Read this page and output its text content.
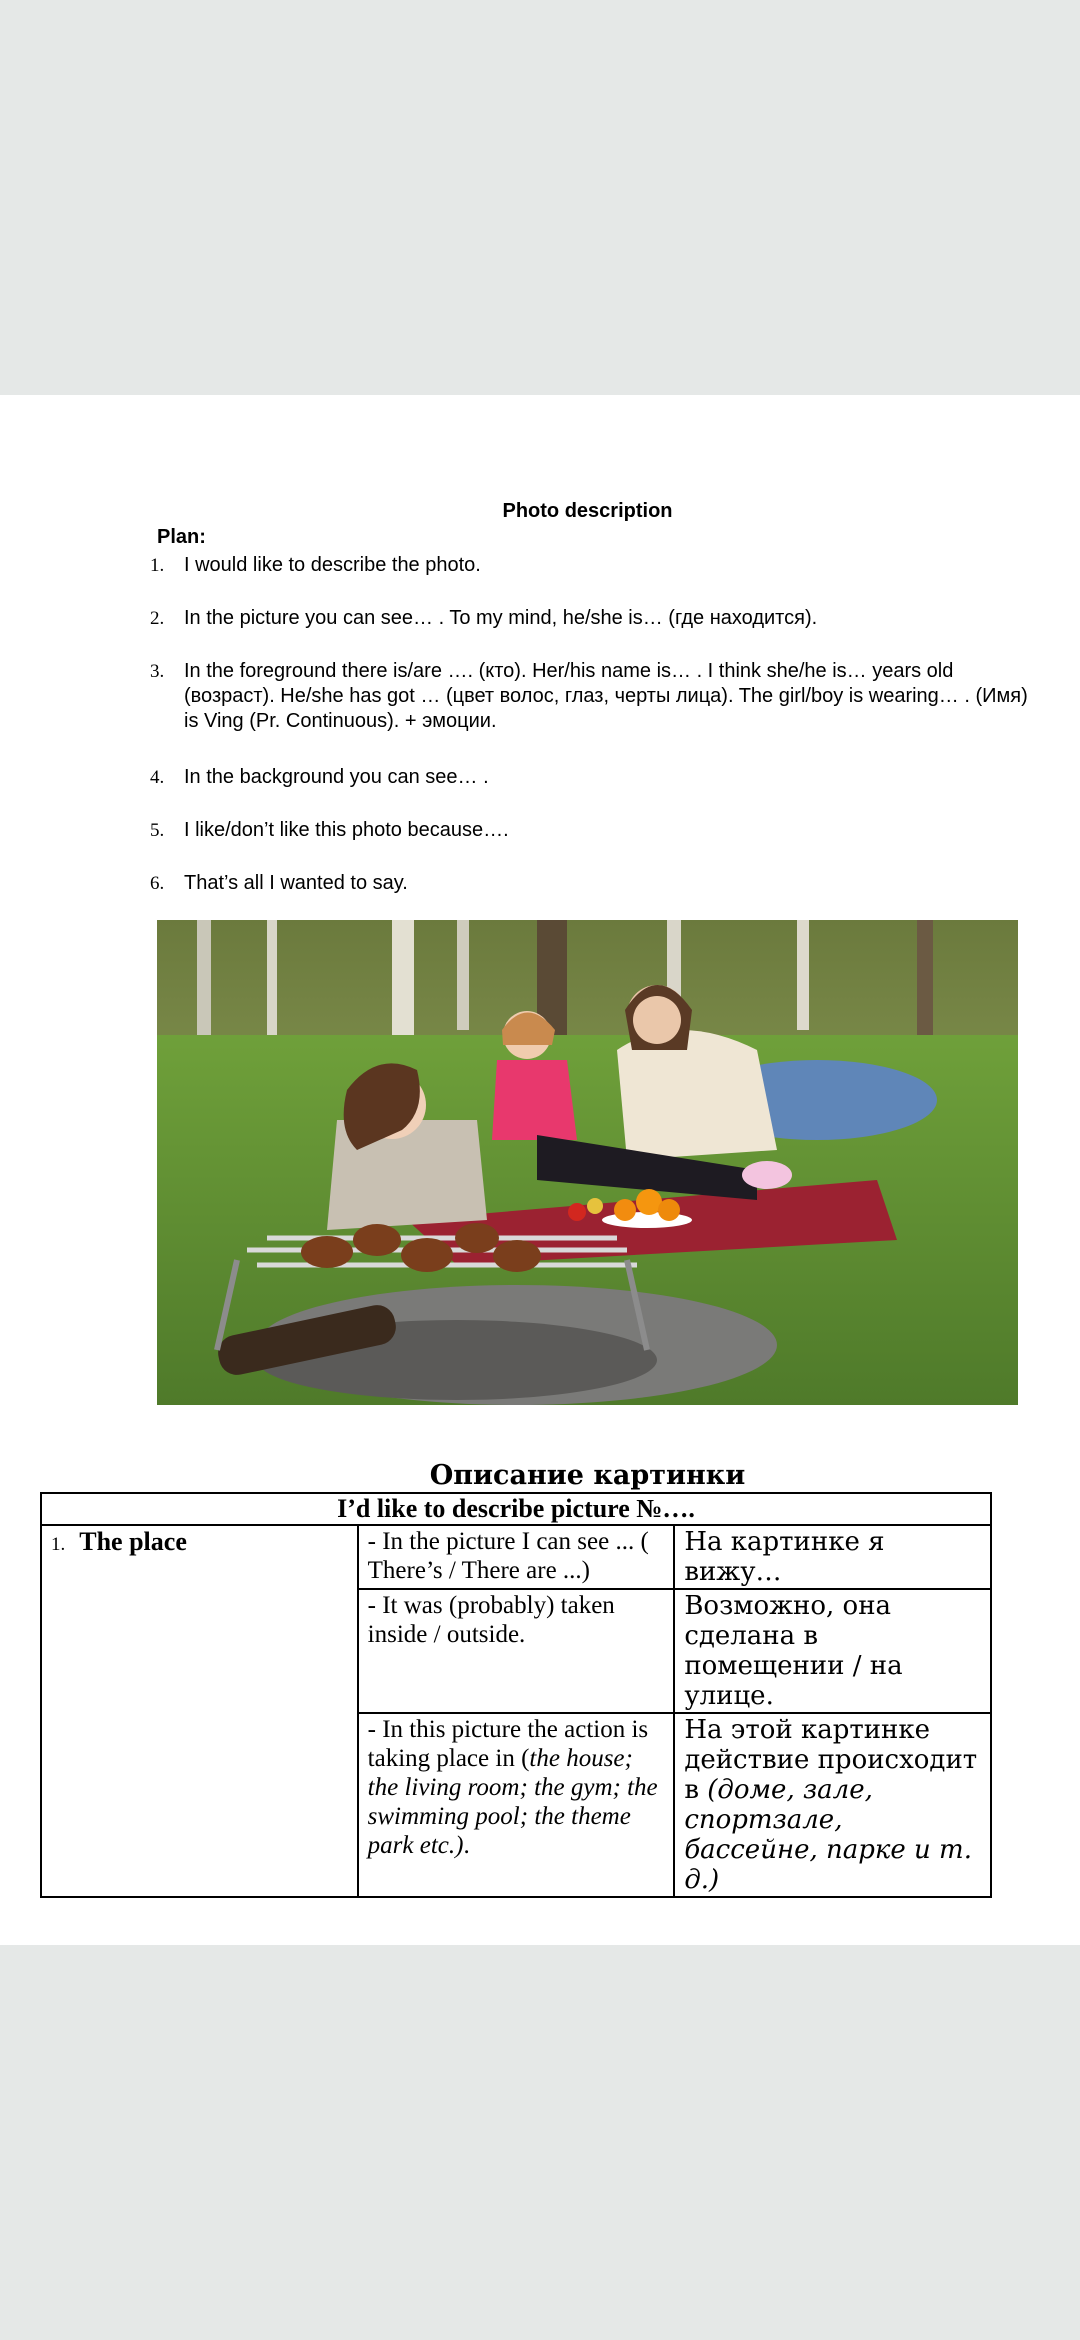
Photo description
Plan:
1. I would like to describe the photo.
2. In the picture you can see… . To my mind, he/she is… (где находится).
3. In the foreground there is/are …. (кто). Her/his name is… . I think she/he is… years old (возраст). He/she has got … (цвет волос, глаз, черты лица). The girl/boy is wearing… . (Имя) is Ving (Pr. Continuous). + эмоции.
4. In the background you can see… .
5. I like/don’t like this photo because….
6. That’s all I wanted to say.
Описание картинки
I’d like to describe picture №….		
1. The place	- In the picture I can see ... ( There’s / There are ...)	На картинке я вижу…
	- It was (probably) taken inside / outside.	Возможно, она сделана в помещении / на улице.
	- In this picture the action is taking place in (the house; the living room; the gym; the swimming pool; the theme park etc.).	На этой картинке действие происходит в (доме, зале, спортзале, бассейне, парке и т. д.)
